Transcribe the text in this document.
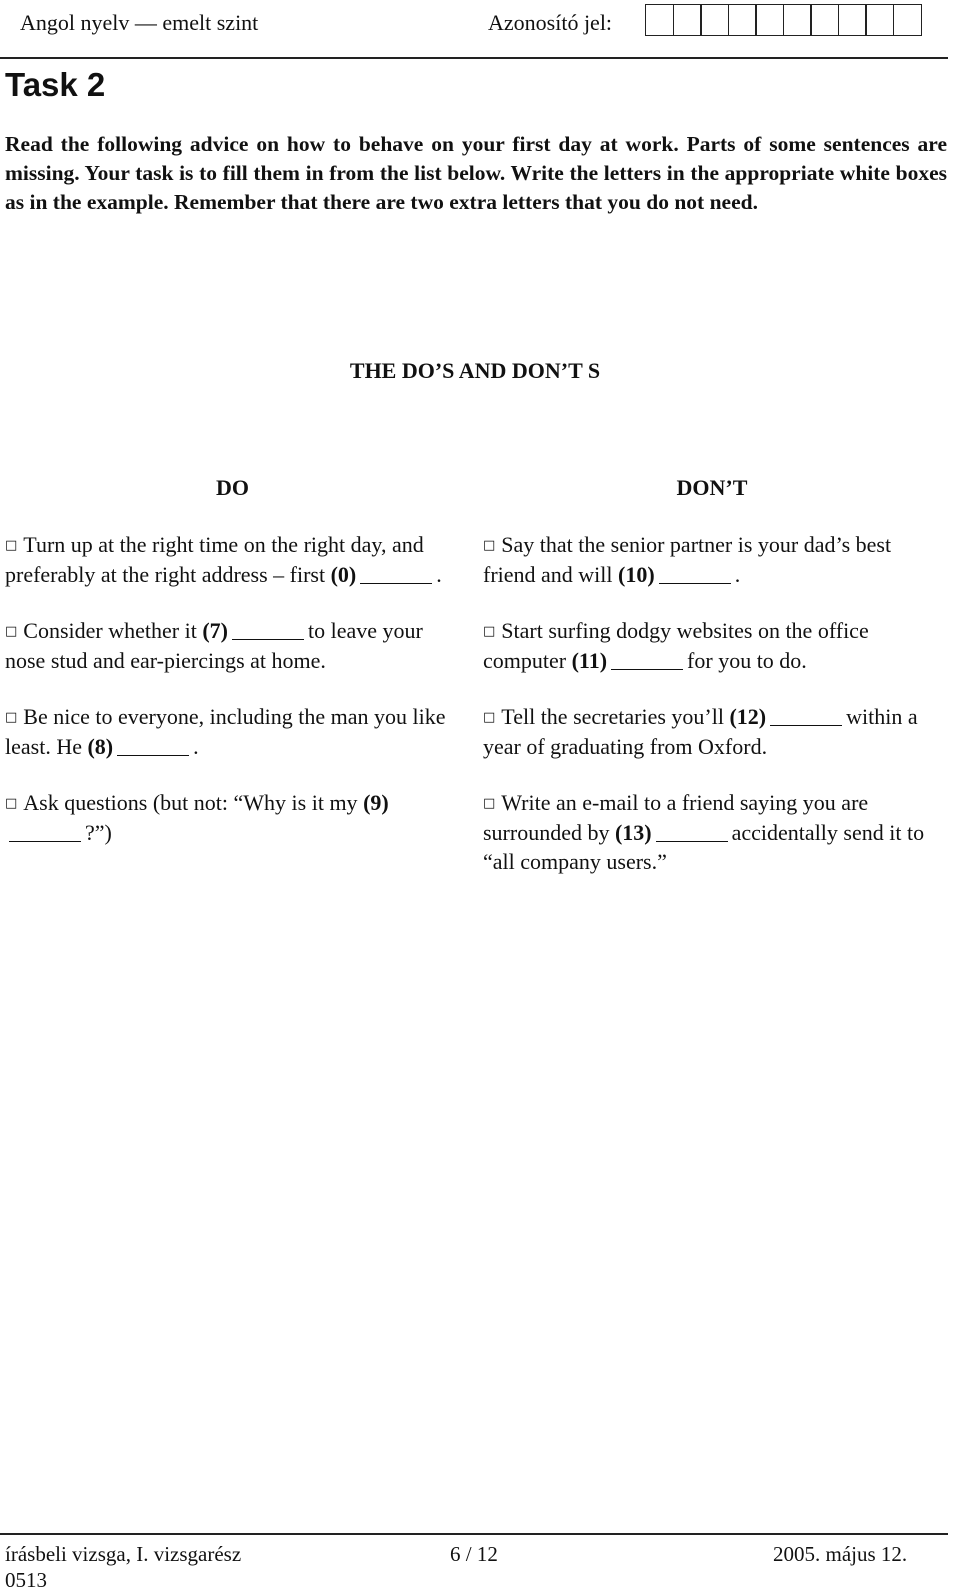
Angol nyelv — emelt szint	Azonosító jel:
Task 2
Read the following advice on how to behave on your first day at work. Parts of some sentences are missing. Your task is to fill them in from the list below. Write the letters in the appropriate white boxes as in the example. Remember that there are two extra letters that you do not need.
THE DO’S AND DON’T S
DO
□ Turn up at the right time on the right day, and preferably at the right address – first (0)	.
□ Consider whether it (7)	to leave your nose stud and ear-piercings at home.
□ Be nice to everyone, including the man you like least. He (8)	.
□ Ask questions (but not: “Why is it my (9)?”)
DON’T
□ Say that the senior partner is your dad’s best friend and will (10)	.
□ Start surfing dodgy websites on the office computer (11)	for you to do.
□ Tell the secretaries you’ll (12)	within a year of graduating from Oxford.
□ Write an e-mail to a friend saying you are surrounded by (13)	accidentally send it to “all company users.”
írásbeli vizsga, I. vizsgarész	6 / 12	2005. május 12.
0513
